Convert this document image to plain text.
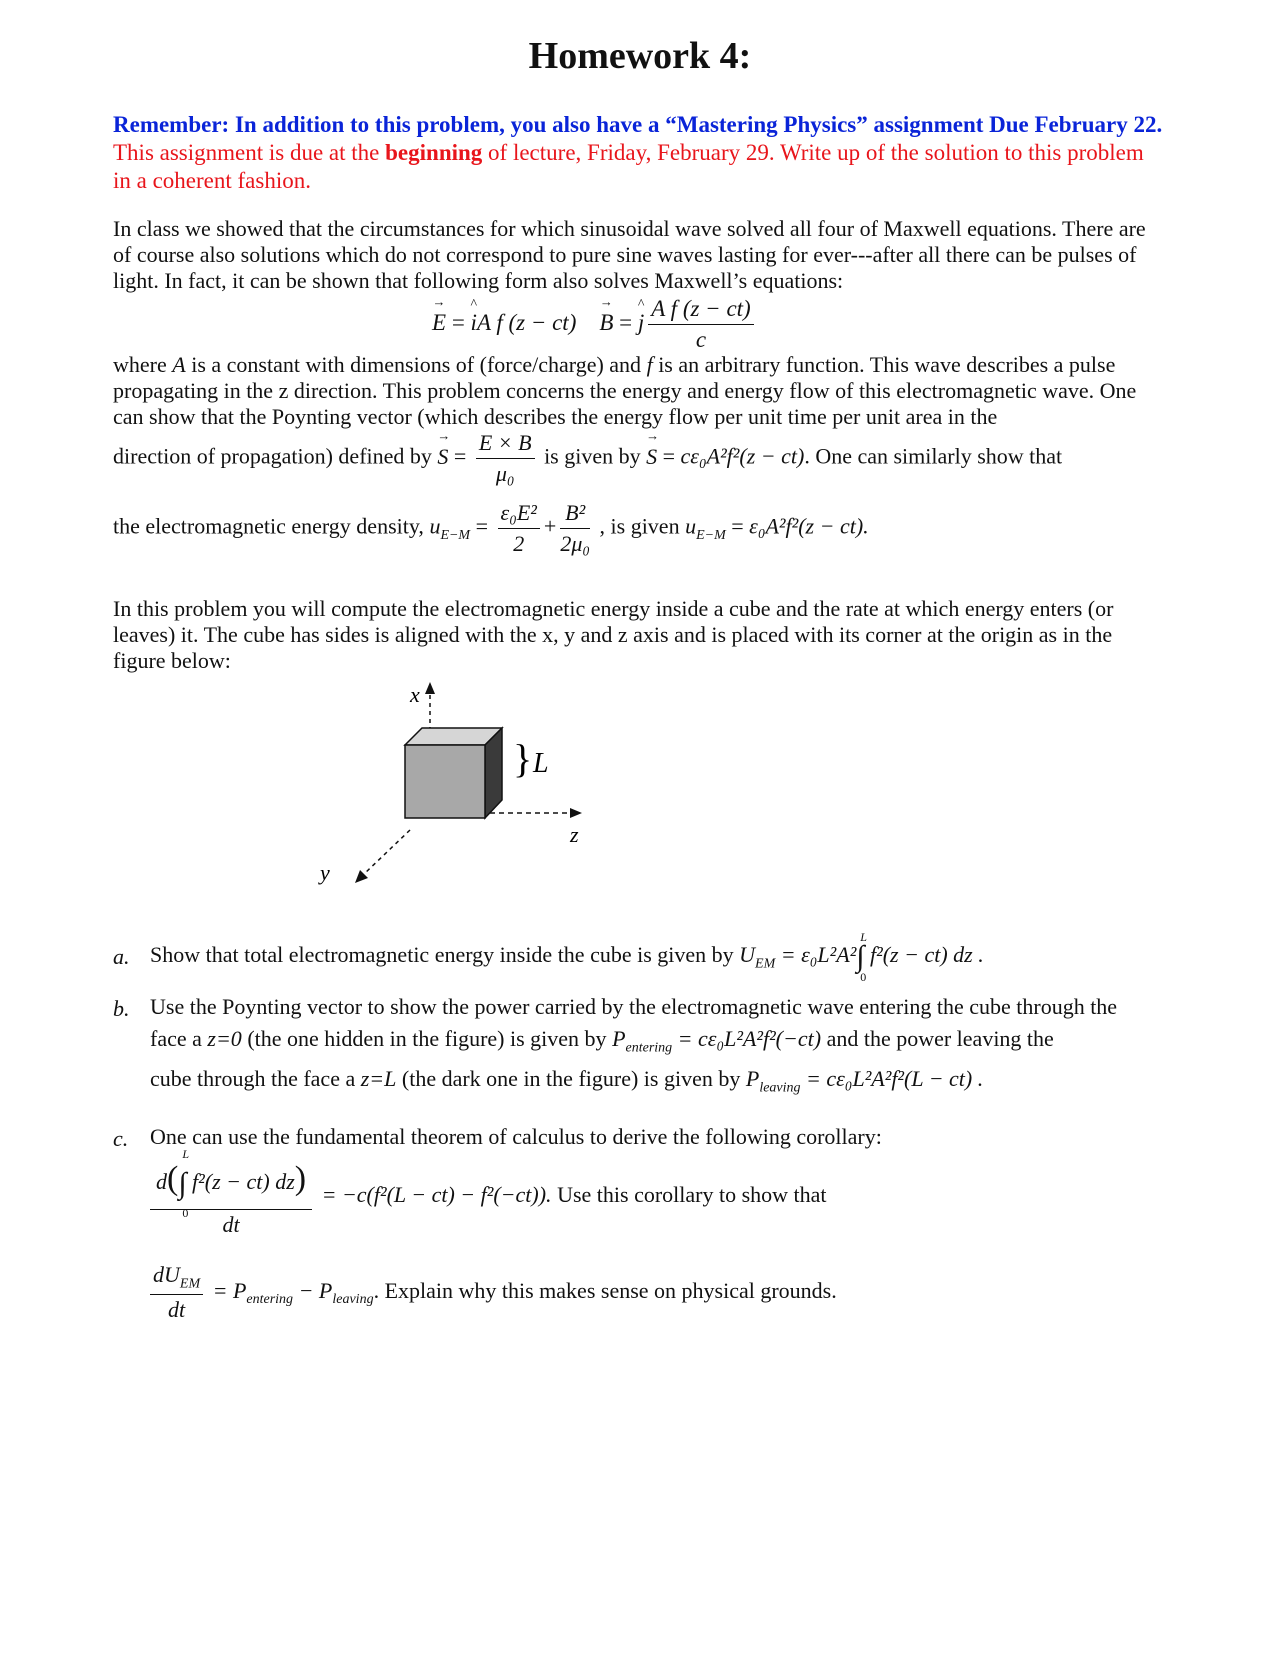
Homework 4:
Remember: In addition to this problem, you also have a “Mastering Physics” assignment Due February 22. This assignment is due at the beginning of lecture, Friday, February 29. Write up of the solution to this problem in a coherent fashion.
In class we showed that the circumstances for which sinusoidal wave solved all four of Maxwell equations. There are of course also solutions which do not correspond to pure sine waves lasting for ever---after all there can be pulses of light. In fact, it can be shown that following form also solves Maxwell’s equations:
→ E = ^ iA f (z − ct) → B = ^ j $\frac{\text{A f (z − ct)}}{c}$
where A is a constant with dimensions of (force/charge) and f is an arbitrary function. This wave describes a pulse propagating in the z direction. This problem concerns the energy and energy flow of this electromagnetic wave. One can show that the Poynting vector (which describes the energy flow per unit time per unit area in the
direction of propagation) defined by → $S = \frac{E \times B}{\text{μ₀}}$ is given by → S = cε₀A²f²(z − ct). One can similarly show that
the electromagnetic energy density, $u_{E-M} = \frac{\text{ε₀E²}}{2} + \frac{\text{B²}}{\text{2μ₀}}$ , is given $u_{E-M} = \varepsilon_0A^2f^2(z - ct)$.
In this problem you will compute the electromagnetic energy inside a cube and the rate at which energy enters (or leaves) it. The cube has sides is aligned with the x, y and z axis and is placed with its corner at the origin as in the figure below:
x
z
y
} L
a. Show that total electromagnetic energy inside the cube is given by $U_{EM} = \varepsilon_0L^2A^2\int$
L
0
f²(z − ct) dz .
b. Use the Poynting vector to show the power carried by the electromagnetic wave entering the cube through the
face a z=0 (the one hidden in the figure) is given by $P_{entering} = c\varepsilon_0L^2A^2f^2(-ct)$ and the power leaving the
cube through the face a z=L (the dark one in the figure) is given by $P_{leaving} = c\varepsilon_0L^2A^2f^2(L - ct)$ .
c. One can use the fundamental theorem of calculus to derive the following corollary:
d(∫
L
0
f²(z − ct) dz)
dt = −c(f²(L − ct) − f²(−ct)). Use this corollary to show that
$\frac{dU_{EM}}{dt} = P_{entering} - P_{leaving}$. Explain why this makes sense on physical grounds.
